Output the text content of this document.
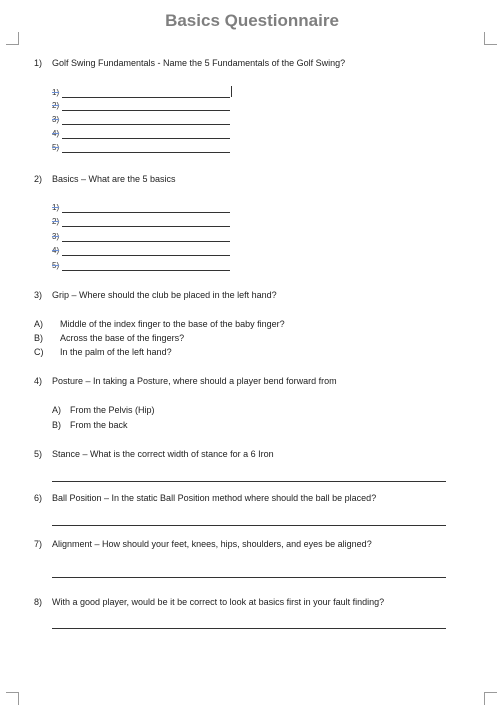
Basics Questionnaire
1) Golf Swing Fundamentals - Name the 5 Fundamentals of the Golf Swing?
1)
2)
3)
4)
5)
2) Basics – What are the 5 basics
1)
2)
3)
4)
5)
3) Grip – Where should the club be placed in the left hand?
A) Middle of the index finger to the base of the baby finger?
B) Across the base of the fingers?
C) In the palm of the left hand?
4) Posture – In taking a Posture, where should a player bend forward from
A) From the Pelvis (Hip)
B) From the back
5) Stance – What is the correct width of stance for a 6 Iron
6) Ball Position – In the static Ball Position method where should the ball be placed?
7) Alignment – How should your feet, knees, hips, shoulders, and eyes be aligned?
8) With a good player, would be it be correct to look at basics first in your fault finding?
